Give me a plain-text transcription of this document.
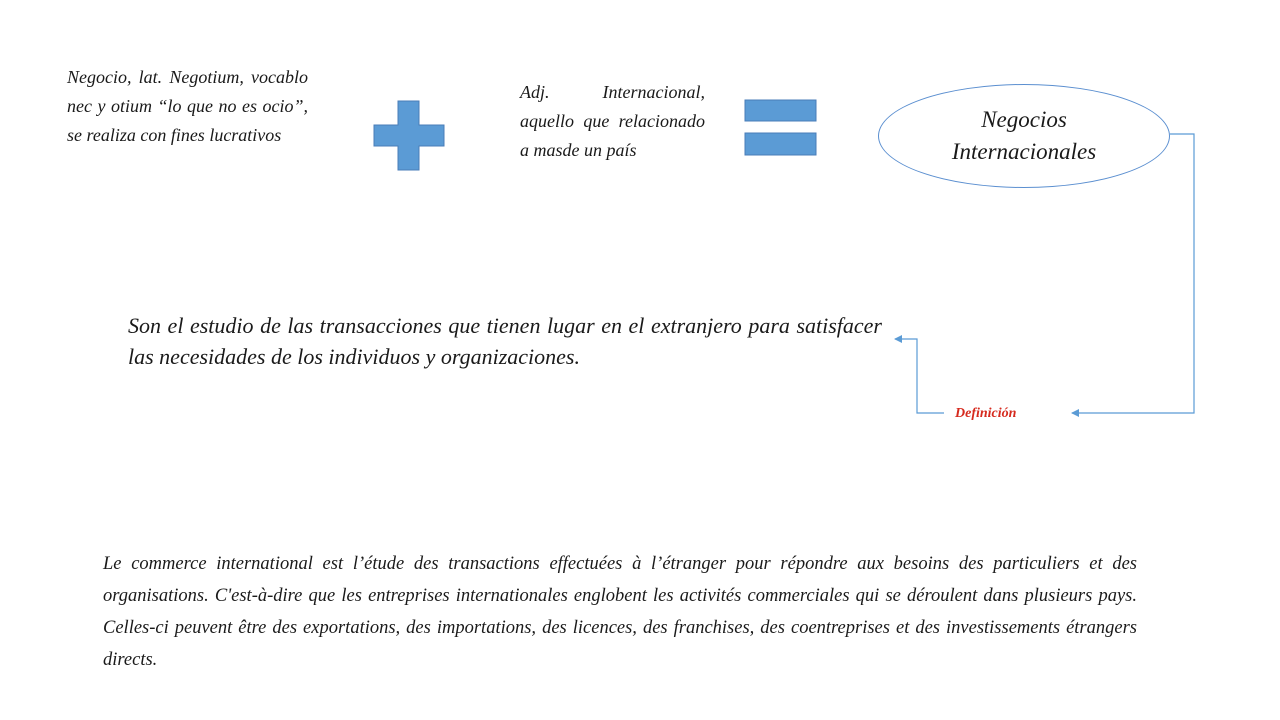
Negocio, lat. Negotium, vocablo nec y otium “lo que no es ocio”, se realiza con fines lucrativos
Adj. Internacional, aquello que relacionado a masde un país
Negocios Internacionales
Son el estudio de las transacciones que tienen lugar en el extranjero para satisfacer las necesidades de los individuos y organizaciones.
Definición
Le commerce international est l’étude des transactions effectuées à l’étranger pour répondre aux besoins des particuliers et des organisations. C'est-à-dire que les entreprises internationales englobent les activités commerciales qui se déroulent dans plusieurs pays. Celles-ci peuvent être des exportations, des importations, des licences, des franchises, des coentreprises et des investissements étrangers directs.
